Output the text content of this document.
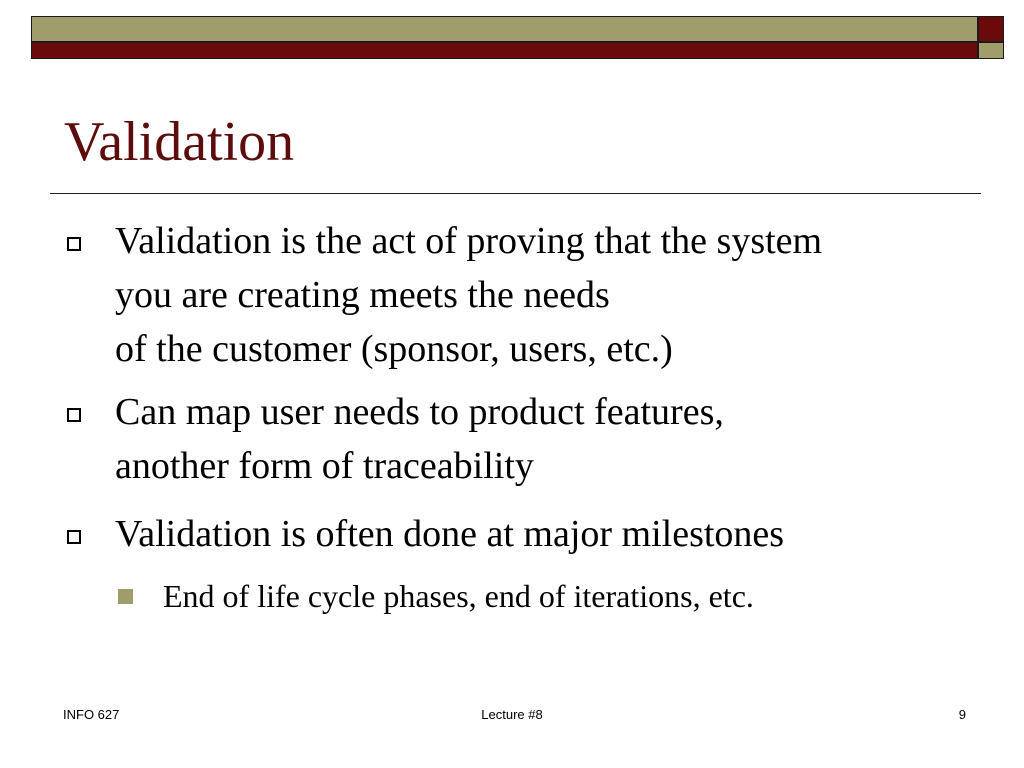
Validation
Validation is the act of proving that the system
you are creating meets the needs
of the customer (sponsor, users, etc.)
Can map user needs to product features,
another form of traceability
Validation is often done at major milestones
End of life cycle phases, end of iterations, etc.
INFO 627	Lecture #8	9
